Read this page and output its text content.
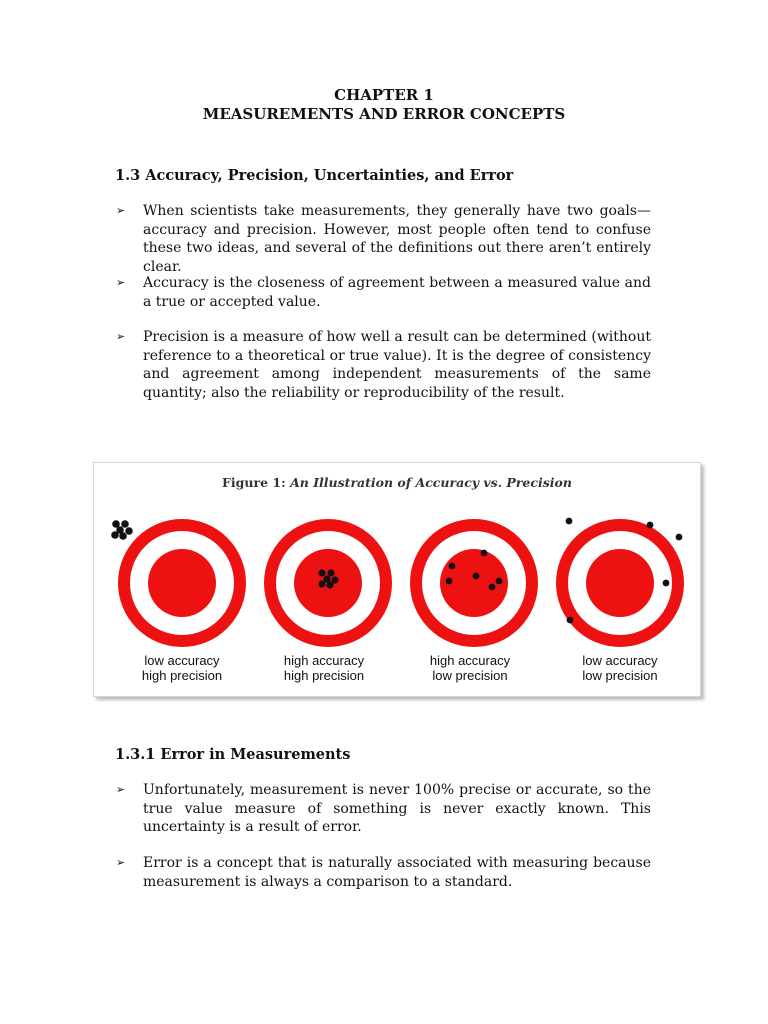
CHAPTER 1
MEASUREMENTS AND ERROR CONCEPTS
1.3 Accuracy, Precision, Uncertainties, and Error
➢ When scientists take measurements, they generally have two goals—accuracy and precision. However, most people often tend to confuse these two ideas, and several of the definitions out there aren’t entirely clear.
➢ Accuracy is the closeness of agreement between a measured value and a true or accepted value.
➢ Precision is a measure of how well a result can be determined (without reference to a theoretical or true value). It is the degree of consistency and agreement among independent measurements of the same quantity; also the reliability or reproducibility of the result.
Figure 1: An Illustration of Accuracy vs. Precision
low accuracy
high precision
high accuracy
high precision
high accuracy
low precision
low accuracy
low precision
1.3.1 Error in Measurements
➢ Unfortunately, measurement is never 100% precise or accurate, so the true value measure of something is never exactly known. This uncertainty is a result of error.
➢ Error is a concept that is naturally associated with measuring because measurement is always a comparison to a standard.
